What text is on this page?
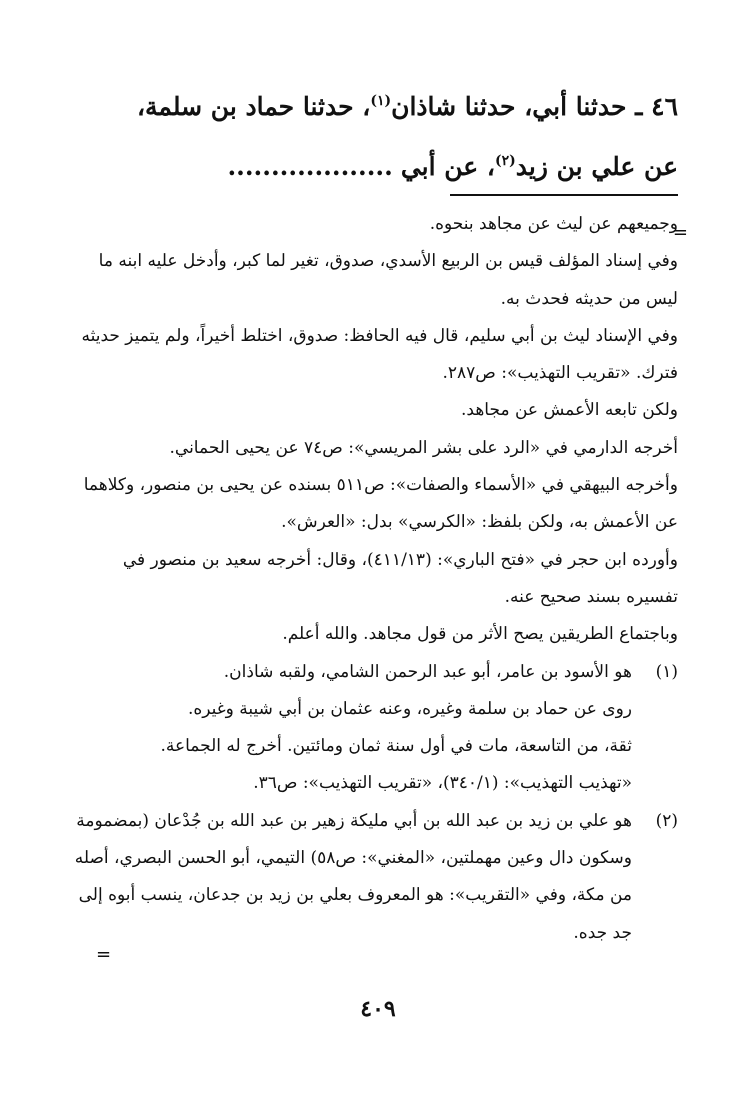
٤٦ ـ حدثنا أبي، حدثنا شاذان$^{(١)}$، حدثنا حماد بن سلمة،
عن علي بن زيد$^{(٢)}$، عن أبي...................
=

وجميعهم عن ليث عن مجاهد بنحوه.

وفي إسناد المؤلف قيس بن الربيع الأسدي، صدوق، تغير لما كبر، وأدخل عليه ابنه ما ليس من حديثه فحدث به.

وفي الإسناد ليث بن أبي سليم، قال فيه الحافظ: صدوق، اختلط أخيراً، ولم يتميز حديثه فترك. «تقريب التهذيب»: ص٢٨٧.

ولكن تابعه الأعمش عن مجاهد.

أخرجه الدارمي في «الرد على بشر المريسي»: ص٧٤ عن يحيى الحماني.

وأخرجه البيهقي في «الأسماء والصفات»: ص٥١١ بسنده عن يحيى بن منصور، وكلاهما عن الأعمش به، ولكن بلفظ: «الكرسي» بدل: «العرش».

وأورده ابن حجر في «فتح الباري»: (٤١١/١٣)، وقال: أخرجه سعيد بن منصور في تفسيره بسند صحيح عنه.

وباجتماع الطريقين يصح الأثر من قول مجاهد. والله أعلم.

(١)

هو الأسود بن عامر، أبو عبد الرحمن الشامي، ولقبه شاذان.

روى عن حماد بن سلمة وغيره، وعنه عثمان بن أبي شيبة وغيره.

ثقة، من التاسعة، مات في أول سنة ثمان ومائتين. أخرج له الجماعة.

«تهذيب التهذيب»: (٣٤٠/١)، «تقريب التهذيب»: ص٣٦.

(٢)

هو علي بن زيد بن عبد الله بن أبي مليكة زهير بن عبد الله بن جُدْعان (بمضمومة وسكون دال وعين مهملتين، «المغني»: ص٥٨) التيمي، أبو الحسن البصري، أصله من مكة، وفي «التقريب»: هو المعروف بعلي بن زيد بن جدعان، ينسب أبوه إلى جد جده.

=
٤٠٩
